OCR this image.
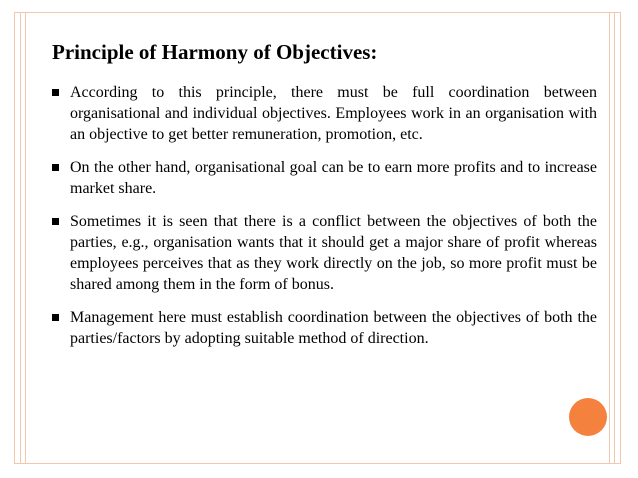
Principle of Harmony of Objectives:
According to this principle, there must be full coordination between organisational and individual objectives. Employees work in an organisation with an objective to get better remuneration, promotion, etc.
On the other hand, organisational goal can be to earn more profits and to increase market share.
Sometimes it is seen that there is a conflict between the objectives of both the parties, e.g., organisation wants that it should get a major share of profit whereas employees perceives that as they work directly on the job, so more profit must be shared among them in the form of bonus.
Management here must establish coordination between the objectives of both the parties/factors by adopting suitable method of direction.
